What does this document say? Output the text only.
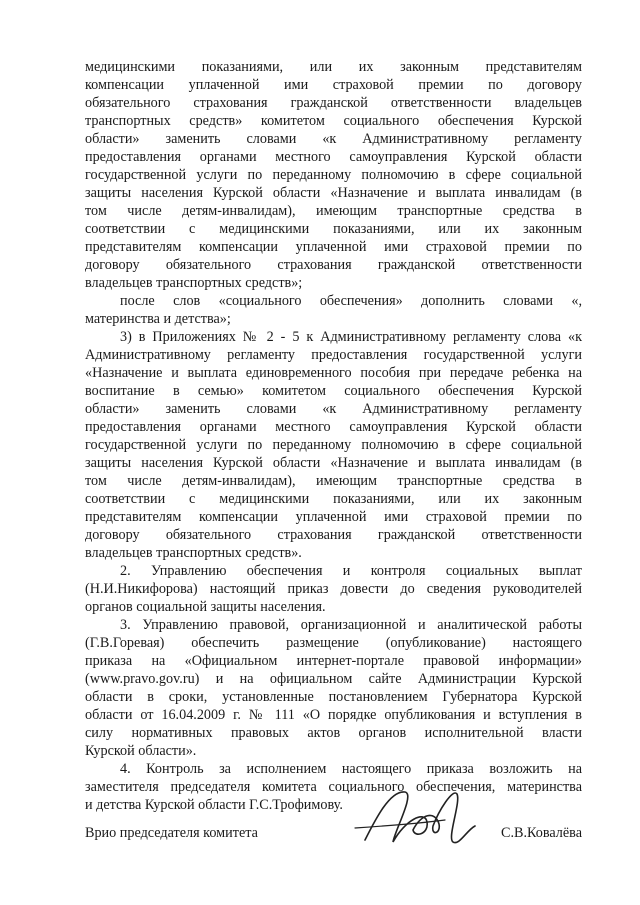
медицинскими показаниями, или их законным представителям
компенсации уплаченной ими страховой премии по договору
обязательного страхования гражданской ответственности владельцев
транспортных средств» комитетом социального обеспечения Курской
области» заменить словами «к Административному регламенту
предоставления органами местного самоуправления Курской области
государственной услуги по переданному полномочию в сфере социальной
защиты населения Курской области «Назначение и выплата инвалидам (в
том числе детям-инвалидам), имеющим транспортные средства в
соответствии с медицинскими показаниями, или их законным
представителям компенсации уплаченной ими страховой премии по
договору обязательного страхования гражданской ответственности
владельцев транспортных средств»;
после слов «социального обеспечения» дополнить словами «,
материнства и детства»;
3) в Приложениях № 2 - 5 к Административному регламенту слова «к
Административному регламенту предоставления государственной услуги
«Назначение и выплата единовременного пособия при передаче ребенка на
воспитание в семью» комитетом социального обеспечения Курской
области» заменить словами «к Административному регламенту
предоставления органами местного самоуправления Курской области
государственной услуги по переданному полномочию в сфере социальной
защиты населения Курской области «Назначение и выплата инвалидам (в
том числе детям-инвалидам), имеющим транспортные средства в
соответствии с медицинскими показаниями, или их законным
представителям компенсации уплаченной ими страховой премии по
договору обязательного страхования гражданской ответственности
владельцев транспортных средств».
2. Управлению обеспечения и контроля социальных выплат
(Н.И.Никифорова) настоящий приказ довести до сведения руководителей
органов социальной защиты населения.
3. Управлению правовой, организационной и аналитической работы
(Г.В.Горевая) обеспечить размещение (опубликование) настоящего
приказа на «Официальном интернет-портале правовой информации»
(www.pravo.gov.ru) и на официальном сайте Администрации Курской
области в сроки, установленные постановлением Губернатора Курской
области от 16.04.2009 г. № 111 «О порядке опубликования и вступления в
силу нормативных правовых актов органов исполнительной власти
Курской области».
4. Контроль за исполнением настоящего приказа возложить на
заместителя председателя комитета социального обеспечения, материнства
и детства Курской области Г.С.Трофимову.
Врио председателя комитета	С.В.Ковалёва
